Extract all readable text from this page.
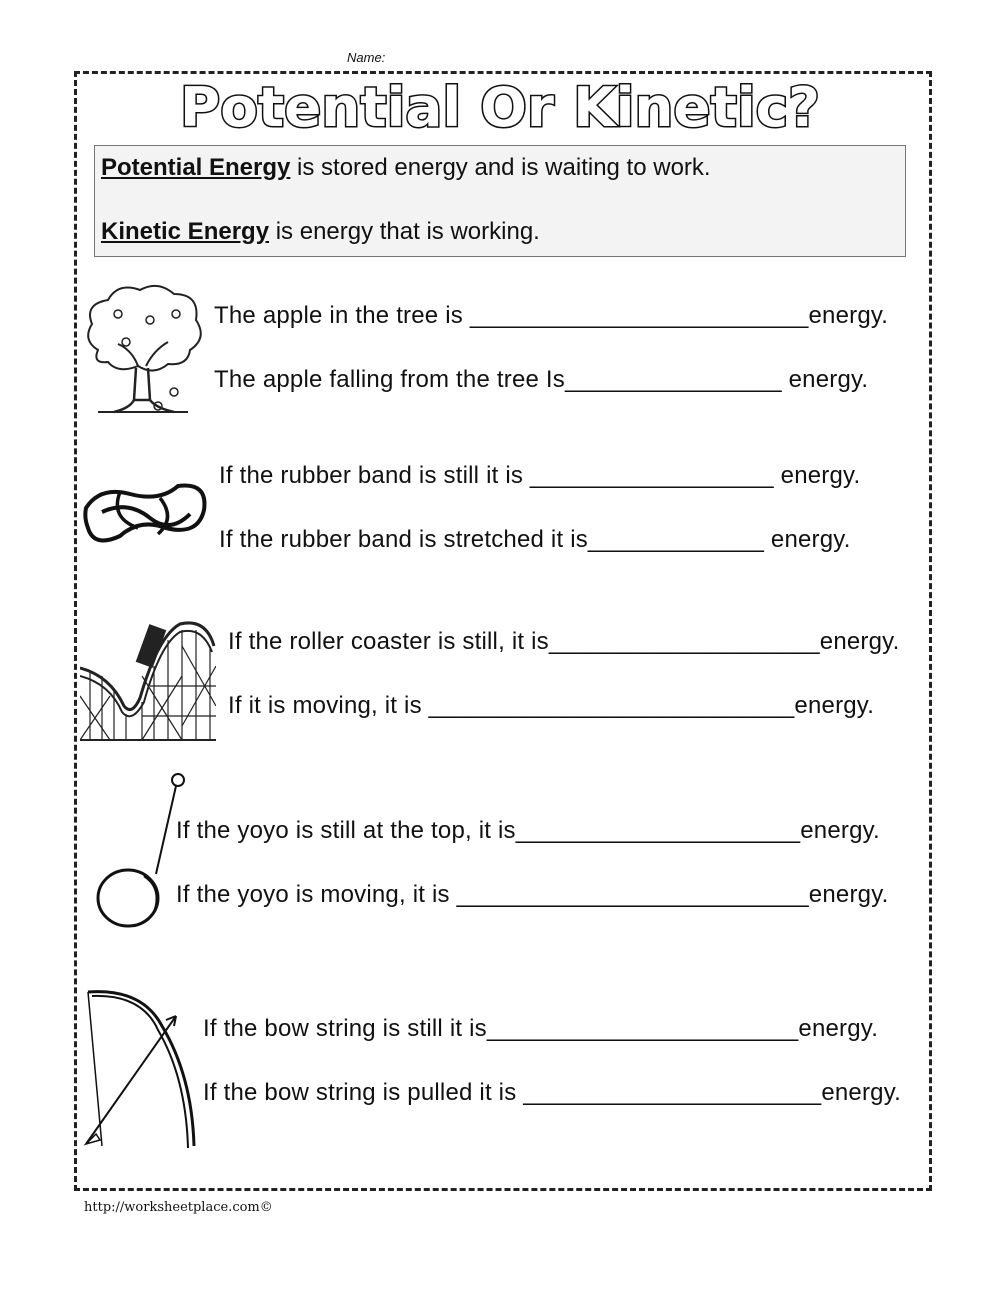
Name:
Potential Or Kinetic?
Potential Energy is stored energy and is waiting to work.
Kinetic Energy is energy that is working.
The apple in the tree is _________________________energy.
The apple falling from the tree Is________________ energy.
If the rubber band is still it is __________________ energy.
If the rubber band is stretched it is_____________ energy.
If the roller coaster is still, it is____________________energy.
If it is moving, it is ___________________________energy.
If the yoyo is still at the top, it is_____________________energy.
If the yoyo is moving, it is __________________________energy.
If the bow string is still it is_______________________energy.
If the bow string is pulled it is ______________________energy.
http://worksheetplace.com©
